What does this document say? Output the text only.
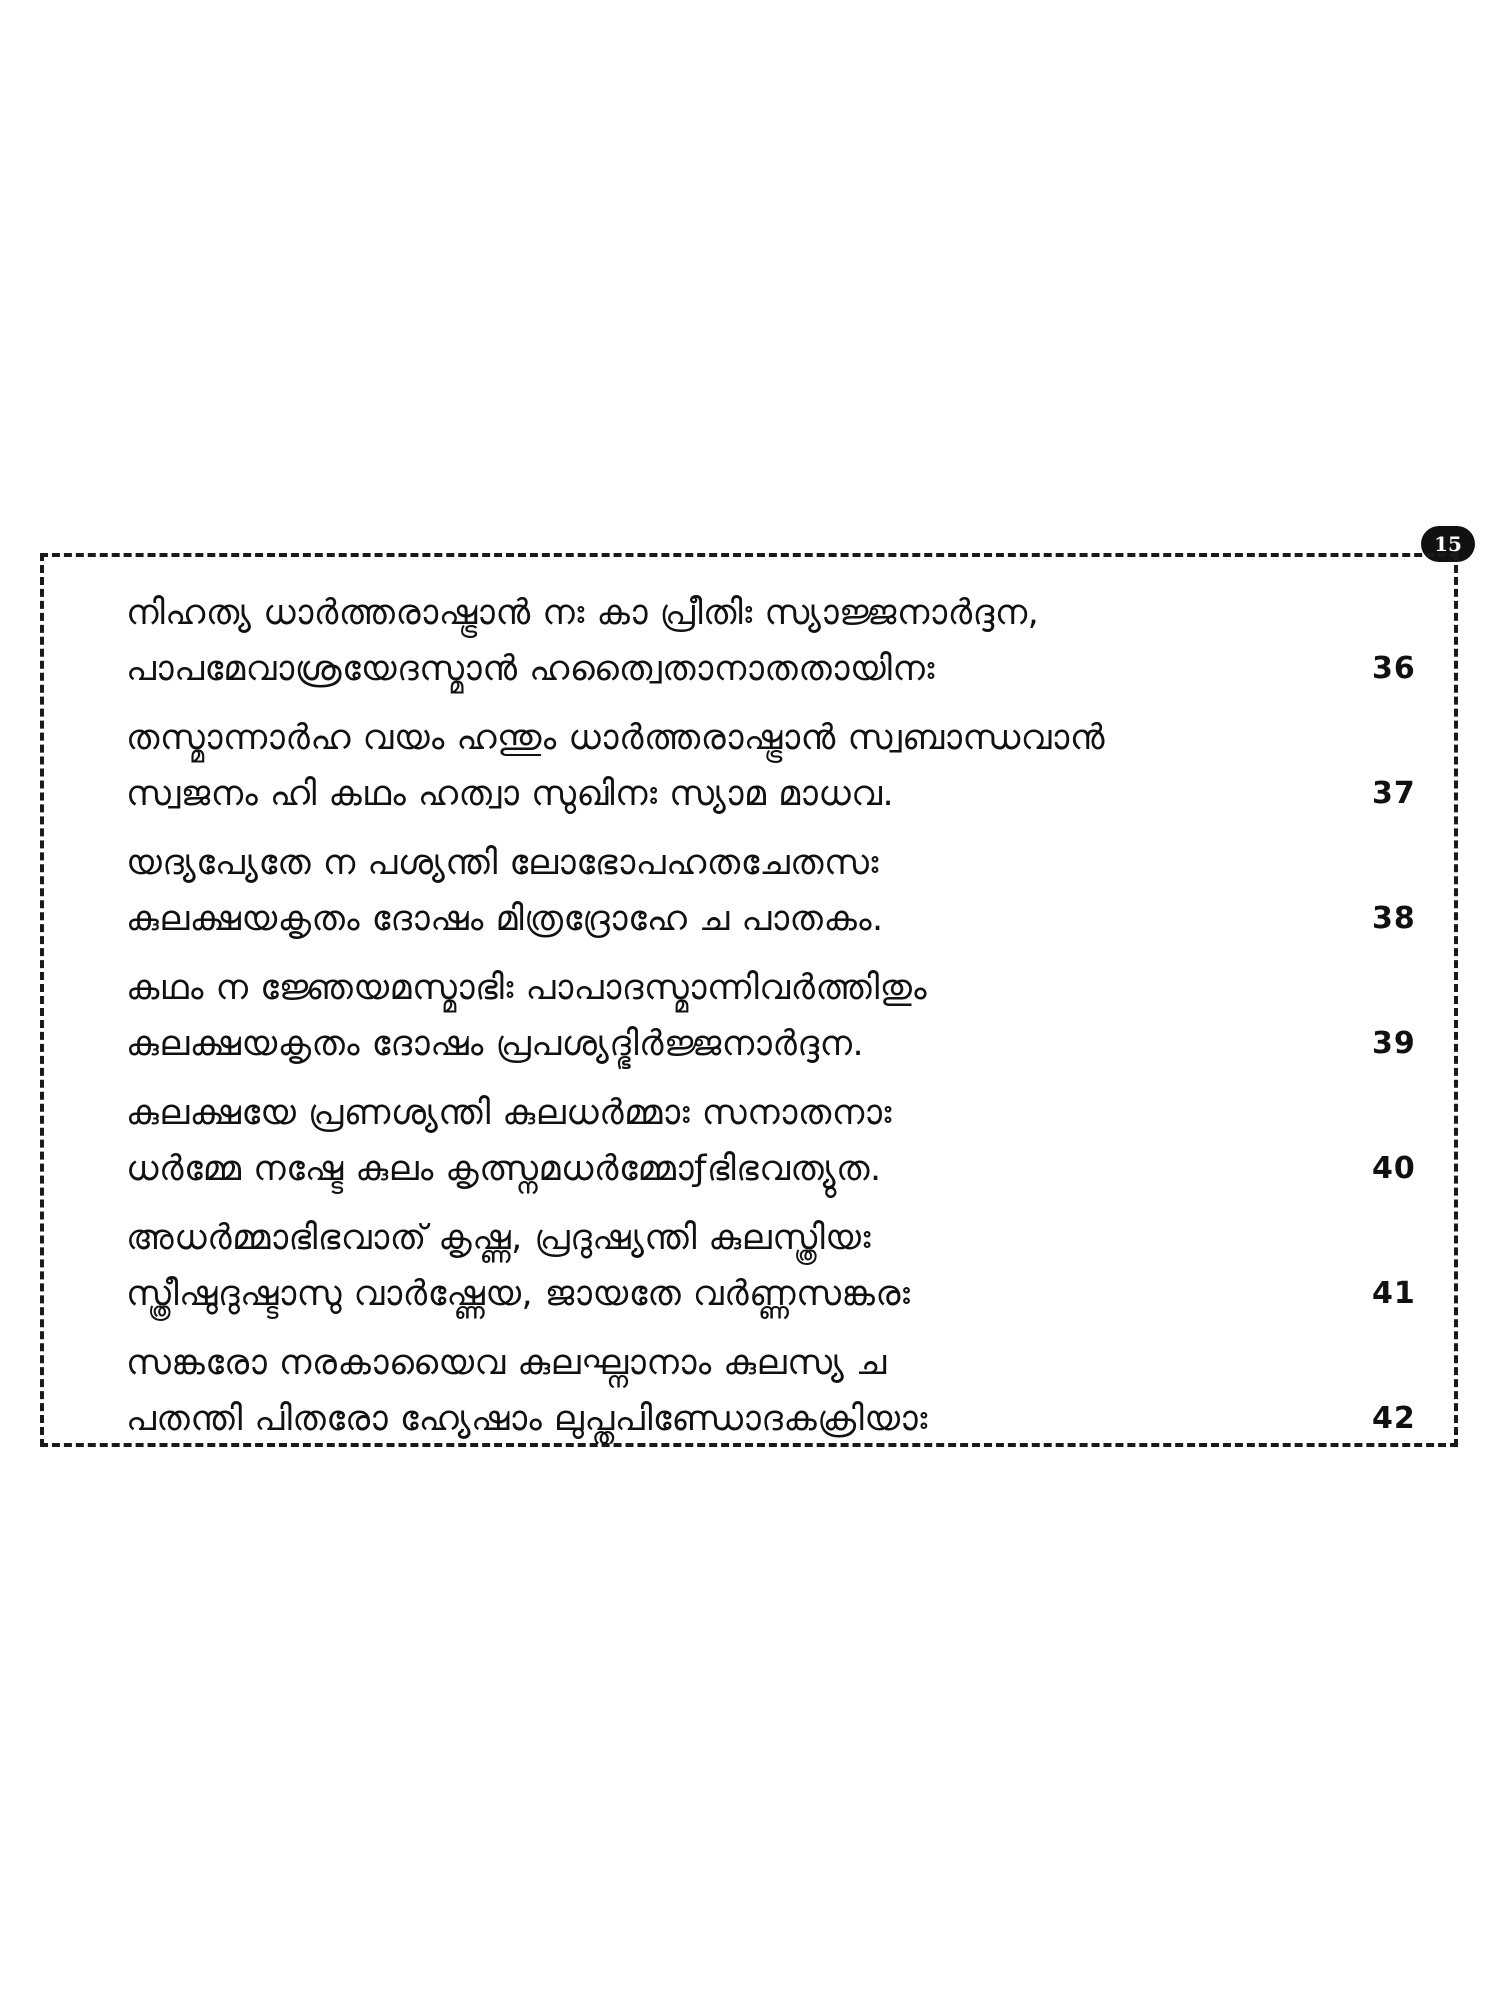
15
നിഹത്യ ധാർത്തരാഷ്ട്രാൻ നഃ കാ പ്രീതിഃ സ്യാജ്ജനാർദ്ദന,
പാപമേവാശ്രയേദസ്മാൻ ഹത്വൈതാനാതതായിനഃ	36
തസ്മാന്നാർഹ വയം ഹന്തും ധാർത്തരാഷ്ട്രാൻ സ്വബാന്ധവാൻ
സ്വജനം ഹി കഥം ഹത്വാ സുഖിനഃ സ്യാമ മാധവ.	37
യദ്യപ്യേതേ ന പശ്യന്തി ലോഭോപഹതചേതസഃ
കുലക്ഷയകൃതം ദോഷം മിത്രദ്രോഹേ ച പാതകം.	38
കഥം ന ജ്ഞേയമസ്മാഭിഃ പാപാദസ്മാന്നിവർത്തിതും
കുലക്ഷയകൃതം ദോഷം പ്രപശ്യദ്ഭിർജ്ജനാർദ്ദന.	39
കുലക്ഷയേ പ്രണശ്യന്തി കുലധർമ്മാഃ സനാതനാഃ
ധർമ്മേ നഷ്ടേ കുലം കൃത്സ്നമധർമ്മോƒഭിഭവത്യുത.	40
അധർമ്മാഭിഭവാത് കൃഷ്ണ, പ്രദുഷ്യന്തി കുലസ്ത്രിയഃ
സ്ത്രീഷുദുഷ്ടാസു വാർഷ്ണേയ, ജായതേ വർണ്ണസങ്കരഃ	41
സങ്കരോ നരകായൈവ കുലഘ്നാനാം കുലസ്യ ച
പതന്തി പിതരോ ഹ്യേഷാം ലുപ്തപിണ്ഡോദകക്രിയാഃ	42
